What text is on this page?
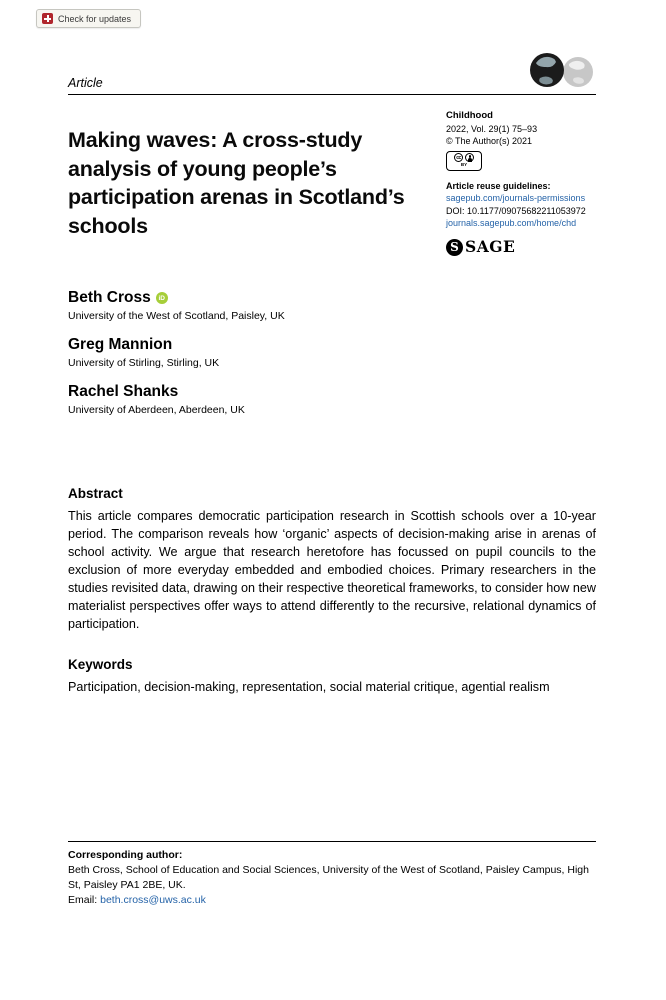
Check for updates
Article
Making waves: A cross-study analysis of young people’s participation arenas in Scotland’s schools
Childhood
2022, Vol. 29(1) 75–93
© The Author(s) 2021
cc
BY
Article reuse guidelines:
sagepub.com/journals-permissions
DOI: 10.1177/09075682211053972
journals.sagepub.com/home/chd
S SAGE
Beth Cross	iD
University of the West of Scotland, Paisley, UK
Greg Mannion
University of Stirling, Stirling, UK
Rachel Shanks
University of Aberdeen, Aberdeen, UK
Abstract
This article compares democratic participation research in Scottish schools over a 10-year period. The comparison reveals how ‘organic’ aspects of decision-making arise in arenas of school activity. We argue that research heretofore has focussed on pupil councils to the exclusion of more everyday embedded and embodied choices. Primary researchers in the studies revisited data, drawing on their respective theoretical frameworks, to consider how new materialist perspectives offer ways to attend differently to the recursive, relational dynamics of participation.
Keywords
Participation, decision-making, representation, social material critique, agential realism
Corresponding author:
Beth Cross, School of Education and Social Sciences, University of the West of Scotland, Paisley Campus, High St, Paisley PA1 2BE, UK.
Email: beth.cross@uws.ac.uk
